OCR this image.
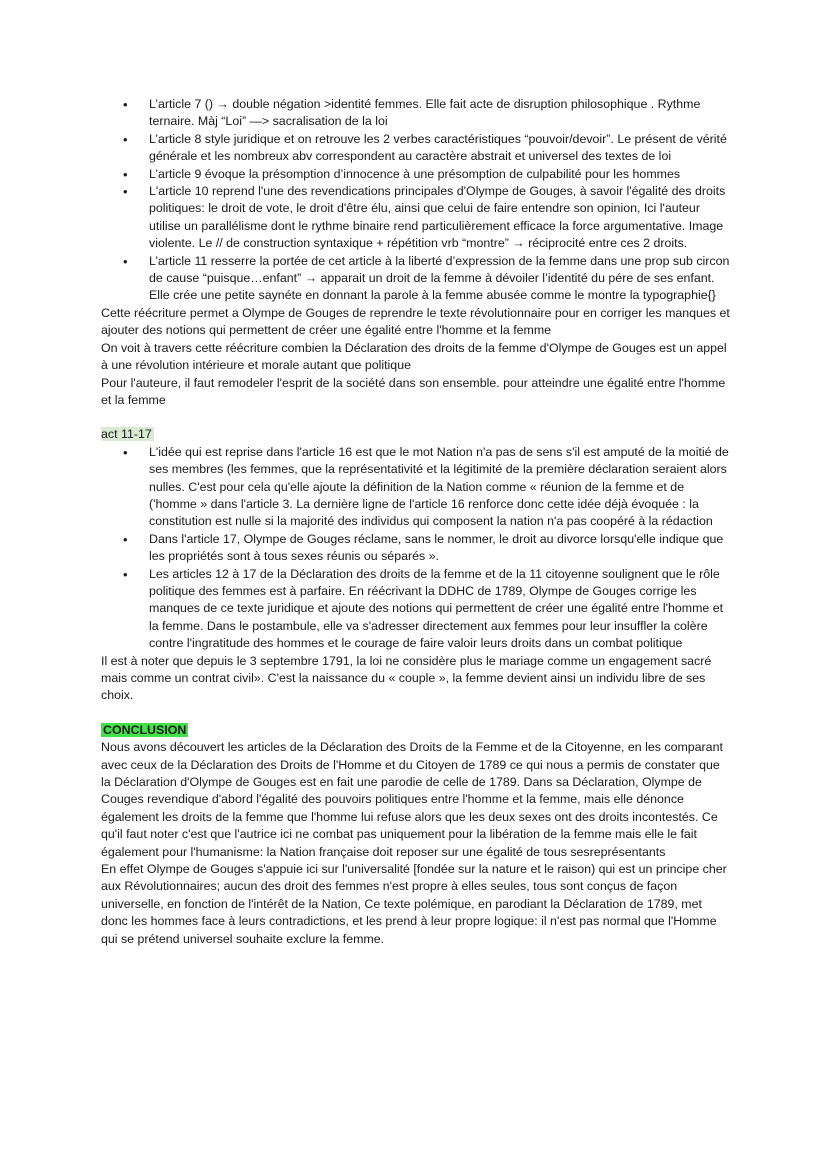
• L’article 7 () → double négation >identité femmes. Elle fait acte de disruption philosophique . Rythme ternaire. Màj “Loi” —> sacralisation de la loi
• L’article 8 style juridique et on retrouve les 2 verbes caractéristiques “pouvoir/devoir”. Le présent de vérité générale et les nombreux abv correspondent au caractère abstrait et universel des textes de loi
• L’article 9 évoque la présomption d’innocence à une présomption de culpabilité pour les hommes
• L'article 10 reprend l'une des revendications principales d'Olympe de Gouges, à savoir l'égalité des droits politiques: le droit de vote, le droit d'être élu, ainsi que celui de faire entendre son opinion, Ici l'auteur utilise un parallélisme dont le rythme binaire rend particulièrement efficace la force argumentative. Image violente. Le // de construction syntaxique + répétition vrb “montre” → réciprocité entre ces 2 droits.
• L’article 11 resserre la portée de cet article à la liberté d’expression de la femme dans une prop sub circon de cause “puisque…enfant” → apparait un droit de la femme à dévoiler l’identité du pére de ses enfant. Elle crée une petite saynéte en donnant la parole à la femme abusée comme le montre la typographie{}

Cette réécriture permet a Olympe de Gouges de reprendre le texte révolutionnaire pour en corriger les manques et ajouter des notions qui permettent de créer une égalité entre l'homme et la femme

On voit à travers cette réécriture combien la Déclaration des droits de la femme d'Olympe de Gouges est un appel à une révolution intérieure et morale autant que politique

Pour l'auteure, il faut remodeler l'esprit de la société dans son ensemble. pour atteindre une égalité entre l'homme et la femme

act 11-17

• L'idée qui est reprise dans l'article 16 est que le mot Nation n'a pas de sens s'il est amputé de la moitié de ses membres (les femmes, que la représentativité et la légitimité de la première déclaration seraient alors nulles. C'est pour cela qu'elle ajoute la définition de la Nation comme « réunion de la femme et de ('homme » dans l'article 3. La dernière ligne de l'article 16 renforce donc cette idée déjà évoquée : la constitution est nulle si la majorité des individus qui composent la nation n'a pas coopéré à la rédaction
• Dans l'article 17, Olympe de Gouges réclame, sans le nommer, le droit au divorce lorsqu'elle indique que les propriétés sont à tous sexes réunis ou séparés ».
• Les articles 12 à 17 de la Déclaration des droits de la femme et de la 11 citoyenne soulignent que le rôle politique des femmes est à parfaire. En réécrivant la DDHC de 1789, Olympe de Gouges corrige les manques de ce texte juridique et ajoute des notions qui permettent de créer une égalité entre l'homme et la femme. Dans le postambule, elle va s'adresser directement aux femmes pour leur insuffler la colère contre l'ingratitude des hommes et le courage de faire valoir leurs droits dans un combat politique

Il est à noter que depuis le 3 septembre 1791, la loi ne considère plus le mariage comme un engagement sacré mais comme un contrat civil». C'est la naissance du « couple », la femme devient ainsi un individu libre de ses choix.

CONCLUSION

Nous avons découvert les articles de la Déclaration des Droits de la Femme et de la Citoyenne, en les comparant avec ceux de la Déclaration des Droits de l'Homme et du Citoyen de 1789 ce qui nous a permis de constater que la Déclaration d'Olympe de Gouges est en fait une parodie de celle de 1789. Dans sa Déclaration, Olympe de Couges revendique d'abord l'égalité des pouvoirs politiques entre l'homme et la femme, mais elle dénonce également les droits de la femme que l'homme lui refuse alors que les deux sexes ont des droits incontestés. Ce qu'il faut noter c'est que l'autrice ici ne combat pas uniquement pour la libération de la femme mais elle le fait également pour l'humanisme: la Nation française doit reposer sur une égalité de tous sesreprésentants

En effet Olympe de Gouges s'appuie ici sur l'universalité [fondée sur la nature et le raison) qui est un principe cher aux Révolutionnaires; aucun des droit des femmes n'est propre à elles seules, tous sont conçus de façon universelle, en fonction de l'intérêt de la Nation, Ce texte polémique, en parodiant la Déclaration de 1789, met donc les hommes face à leurs contradictions, et les prend à leur propre logique: il n'est pas normal que l'Homme qui se prétend universel souhaite exclure la femme.
